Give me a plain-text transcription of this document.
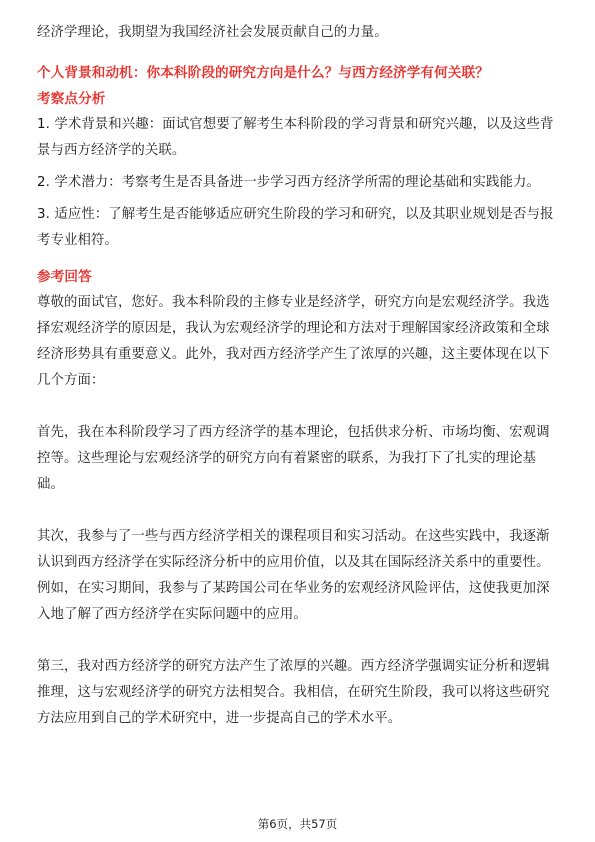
经济学理论，我期望为我国经济社会发展贡献自己的力量。

个人背景和动机：你本科阶段的研究方向是什么？与西方经济学有何关联？

考察点分析

1. 学术背景和兴趣：面试官想要了解考生本科阶段的学习背景和研究兴趣，以及这些背景与西方经济学的关联。

2. 学术潜力：考察考生是否具备进一步学习西方经济学所需的理论基础和实践能力。

3. 适应性：了解考生是否能够适应研究生阶段的学习和研究，以及其职业规划是否与报考专业相符。

参考回答

尊敬的面试官，您好。我本科阶段的主修专业是经济学，研究方向是宏观经济学。我选择宏观经济学的原因是，我认为宏观经济学的理论和方法对于理解国家经济政策和全球经济形势具有重要意义。此外，我对西方经济学产生了浓厚的兴趣，这主要体现在以下几个方面：

首先，我在本科阶段学习了西方经济学的基本理论，包括供求分析、市场均衡、宏观调控等。这些理论与宏观经济学的研究方向有着紧密的联系，为我打下了扎实的理论基础。

其次，我参与了一些与西方经济学相关的课程项目和实习活动。在这些实践中，我逐渐认识到西方经济学在实际经济分析中的应用价值，以及其在国际经济关系中的重要性。例如，在实习期间，我参与了某跨国公司在华业务的宏观经济风险评估，这使我更加深入地了解了西方经济学在实际问题中的应用。

第三，我对西方经济学的研究方法产生了浓厚的兴趣。西方经济学强调实证分析和逻辑推理，这与宏观经济学的研究方法相契合。我相信，在研究生阶段，我可以将这些研究方法应用到自己的学术研究中，进一步提高自己的学术水平。

第6页，共57页
